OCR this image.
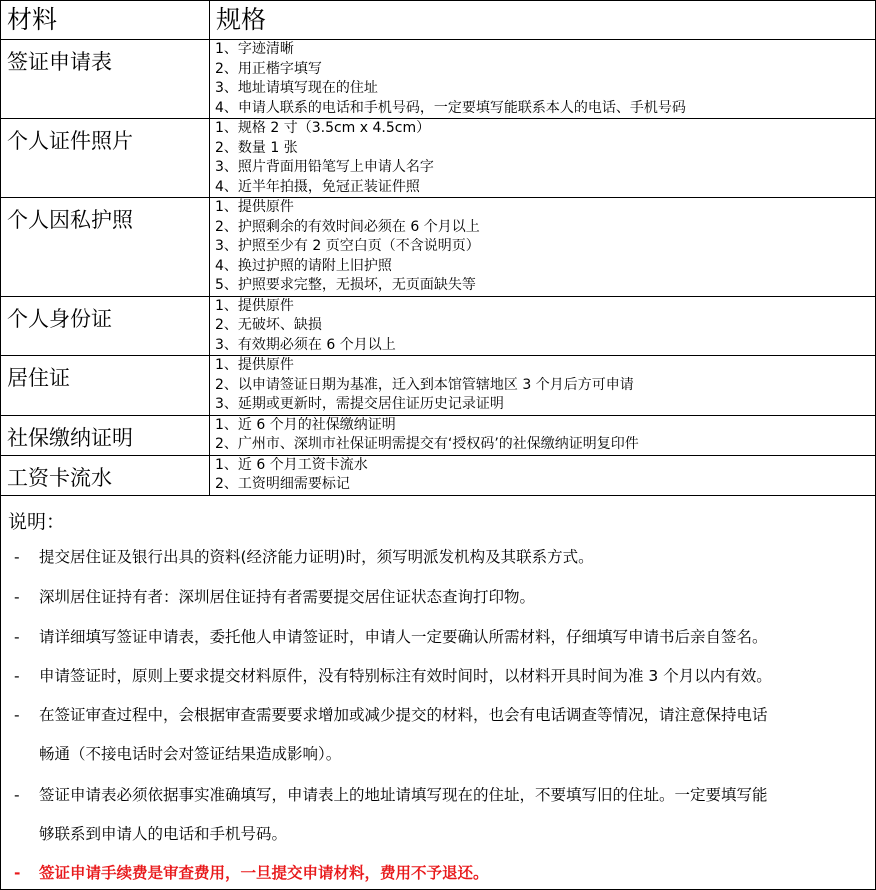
材料	规格
签证申请表	1、字迹清晰
2、用正楷字填写
3、地址请填写现在的住址
4、申请人联系的电话和手机号码，一定要填写能联系本人的电话、手机号码

个人证件照片	1、规格 2 寸（3.5cm x 4.5cm）
2、数量 1 张
3、照片背面用铅笔写上申请人名字
4、近半年拍摄，免冠正装证件照

个人因私护照	1、提供原件
2、护照剩余的有效时间必须在 6 个月以上
3、护照至少有 2 页空白页（不含说明页）
4、换过护照的请附上旧护照
5、护照要求完整，无损坏，无页面缺失等

个人身份证	1、提供原件
2、无破坏、缺损
3、有效期必须在 6 个月以上

居住证	1、提供原件
2、以申请签证日期为基准，迁入到本馆管辖地区 3 个月后方可申请
3、延期或更新时，需提交居住证历史记录证明

社保缴纳证明	1、近 6 个月的社保缴纳证明
2、广州市、深圳市社保证明需提交有‘授权码’的社保缴纳证明复印件

工资卡流水	1、近 6 个月工资卡流水
2、工资明细需要标记
说明：
- 提交居住证及银行出具的资料(经济能力证明)时，须写明派发机构及其联系方式。
- 深圳居住证持有者：深圳居住证持有者需要提交居住证状态查询打印物。
- 请详细填写签证申请表，委托他人申请签证时，申请人一定要确认所需材料，仔细填写申请书后亲自签名。
- 申请签证时，原则上要求提交材料原件，没有特别标注有效时间时，以材料开具时间为准 3 个月以内有效。
- 在签证审查过程中，会根据审查需要要求增加或减少提交的材料，也会有电话调查等情况，请注意保持电话
畅通（不接电话时会对签证结果造成影响）。
- 签证申请表必须依据事实准确填写，申请表上的地址请填写现在的住址，不要填写旧的住址。一定要填写能
够联系到申请人的电话和手机号码。
- 签证申请手续费是审查费用，一旦提交申请材料，费用不予退还。
